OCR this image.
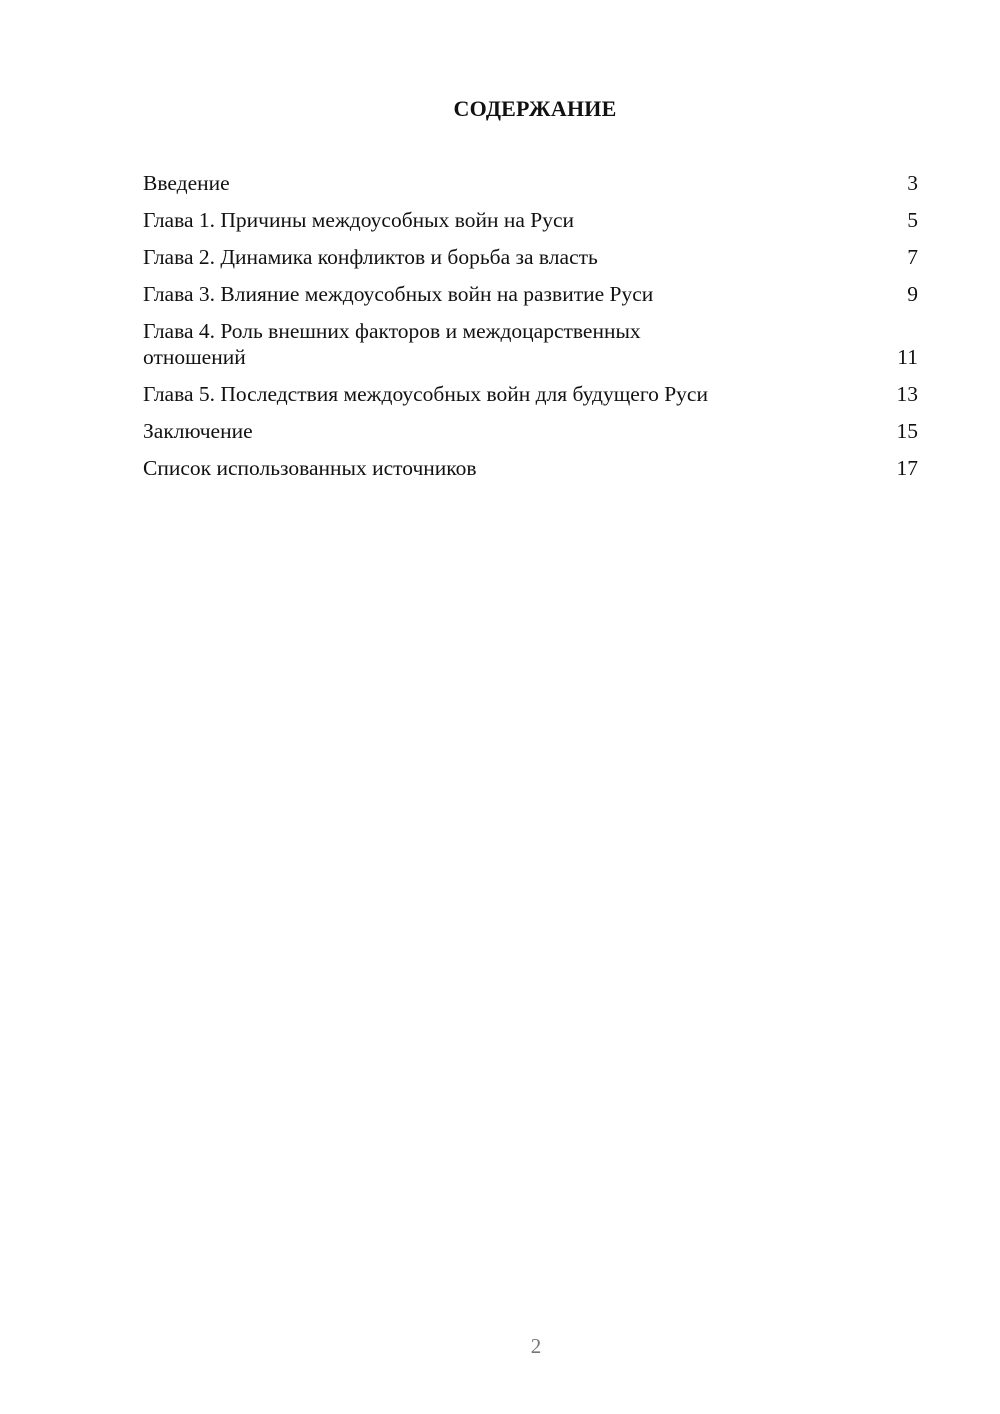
СОДЕРЖАНИЕ
Введение	3
Глава 1. Причины междоусобных войн на Руси	5
Глава 2. Динамика конфликтов и борьба за власть	7
Глава 3. Влияние междоусобных войн на развитие Руси	9
Глава 4. Роль внешних факторов и междоцарственных отношений	11
Глава 5. Последствия междоусобных войн для будущего Руси	13
Заключение	15
Список использованных источников	17
2
